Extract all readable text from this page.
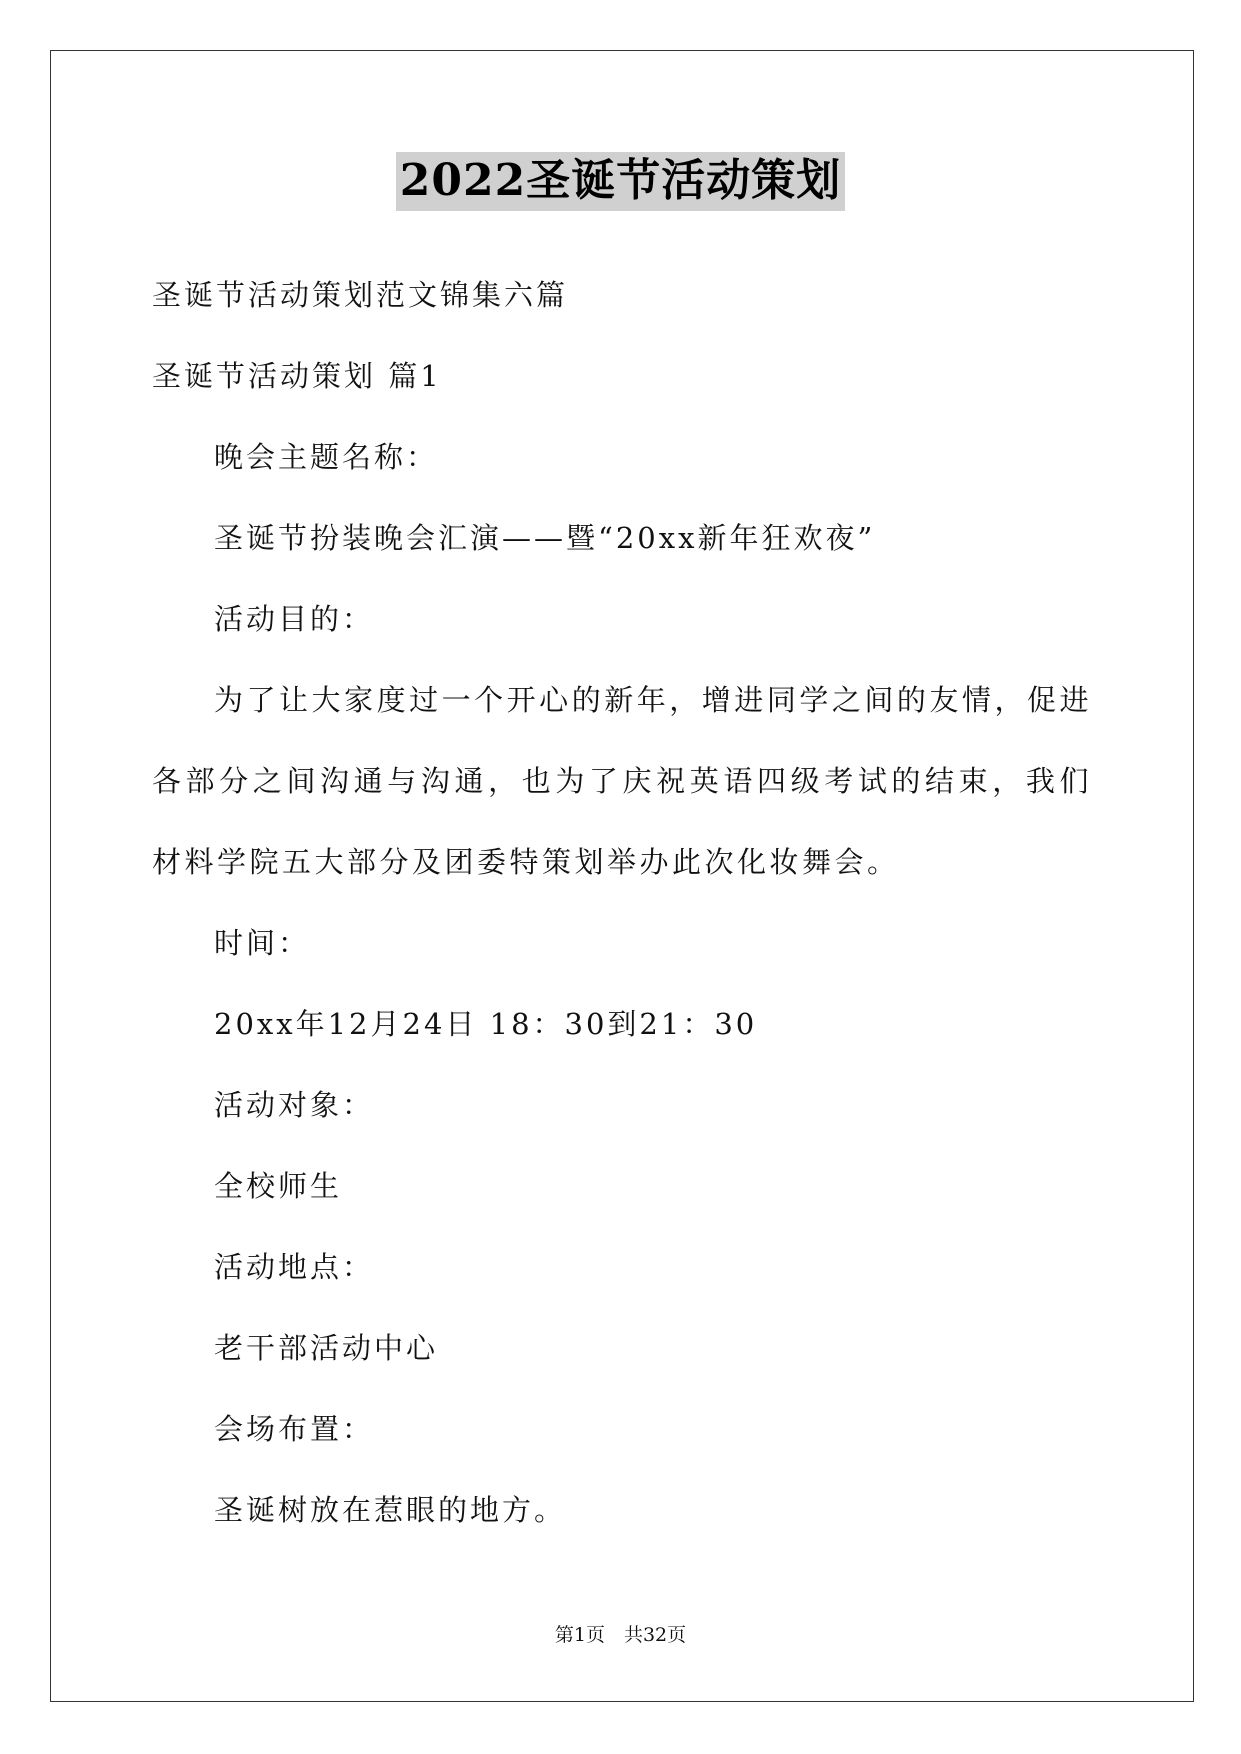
2022圣诞节活动策划
圣诞节活动策划范文锦集六篇
圣诞节活动策划 篇1
晚会主题名称：
圣诞节扮装晚会汇演——暨“20xx新年狂欢夜”
活动目的：
为了让大家度过一个开心的新年，增进同学之间的友情，促进各部分之间沟通与沟通，也为了庆祝英语四级考试的结束，我们材料学院五大部分及团委特策划举办此次化妆舞会。
时间：
20xx年12月24日 18：30到21：30
活动对象：
全校师生
活动地点：
老干部活动中心
会场布置：
圣诞树放在惹眼的地方。
第1页　共32页
